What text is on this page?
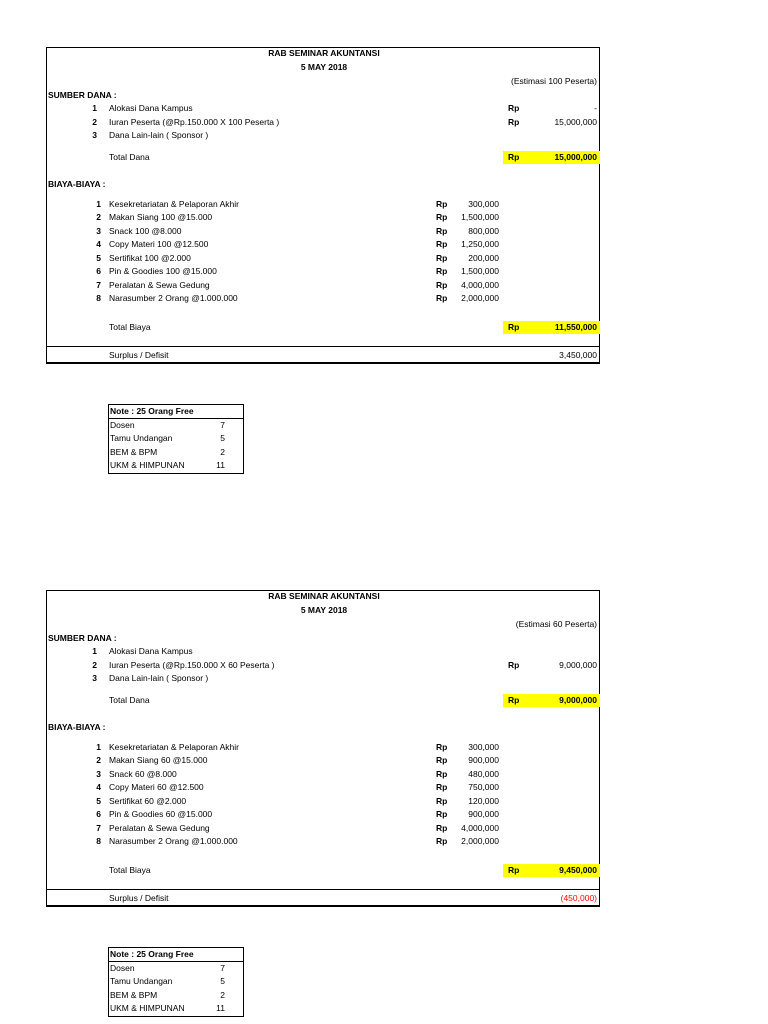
RAB SEMINAR AKUNTANSI
5 MAY 2018
(Estimasi 100 Peserta)
SUMBER DANA :
1 Alokasi Dana Kampus	Rp	-
2 Iuran Peserta (@Rp.150.000 X 100 Peserta )	Rp	15,000,000
3 Dana Lain-lain ( Sponsor )
Total Dana	Rp	15,000,000
BIAYA-BIAYA :
1 Kesekretariatan & Pelaporan Akhir	Rp 300,000
2 Makan Siang 100 @15.000	Rp 1,500,000
3 Snack 100 @8.000	Rp 800,000
4 Copy Materi 100 @12.500	Rp 1,250,000
5 Sertifikat 100 @2.000	Rp 200,000
6 Pin & Goodies 100 @15.000	Rp 1,500,000
7 Peralatan & Sewa Gedung	Rp 4,000,000
8 Narasumber 2 Orang @1.000.000	Rp 2,000,000
Total Biaya	Rp	11,550,000
Surplus / Defisit	3,450,000
Note : 25 Orang Free
Dosen	7
Tamu Undangan	5
BEM & BPM	2
UKM & HIMPUNAN	11
RAB SEMINAR AKUNTANSI
5 MAY 2018
(Estimasi 60 Peserta)
SUMBER DANA :
1 Alokasi Dana Kampus
2 Iuran Peserta (@Rp.150.000 X 60 Peserta )	Rp	9,000,000
3 Dana Lain-lain ( Sponsor )
Total Dana	Rp	9,000,000
BIAYA-BIAYA :
1 Kesekretariatan & Pelaporan Akhir	Rp 300,000
2 Makan Siang 60 @15.000	Rp 900,000
3 Snack 60 @8.000	Rp 480,000
4 Copy Materi 60 @12.500	Rp 750,000
5 Sertifikat 60 @2.000	Rp 120,000
6 Pin & Goodies 60 @15.000	Rp 900,000
7 Peralatan & Sewa Gedung	Rp 4,000,000
8 Narasumber 2 Orang @1.000.000	Rp 2,000,000
Total Biaya	Rp	9,450,000
Surplus / Defisit	(450,000)
Note : 25 Orang Free
Dosen	7
Tamu Undangan	5
BEM & BPM	2
UKM & HIMPUNAN	11
